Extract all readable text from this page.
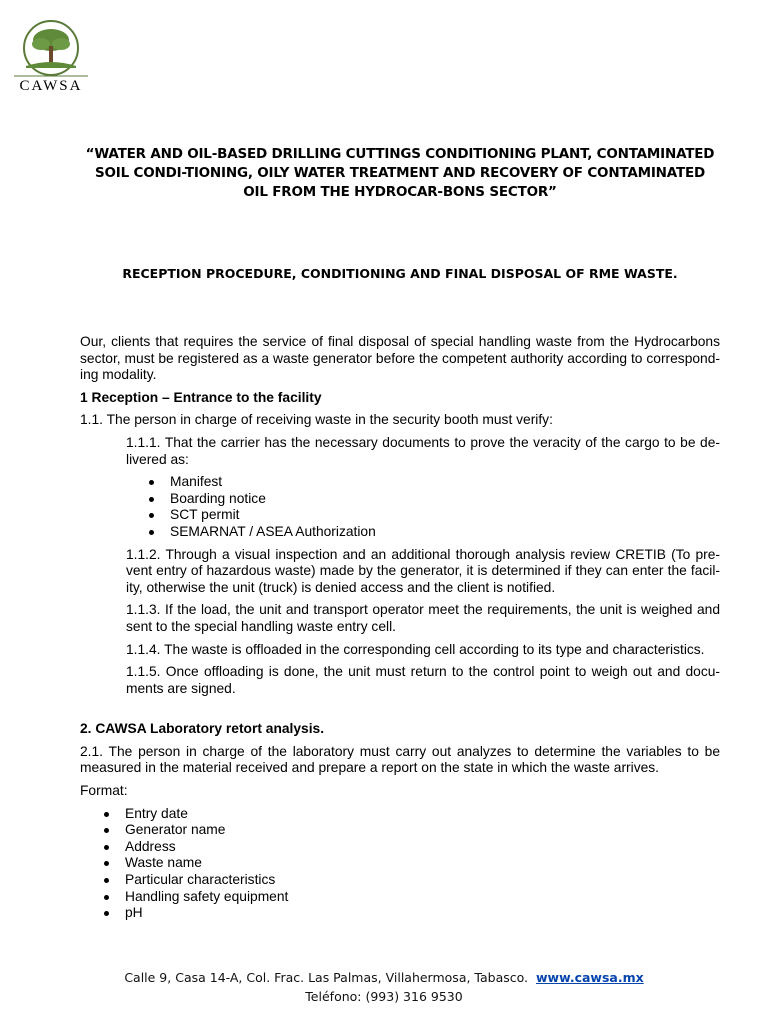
CAWSA
“WATER AND OIL-BASED DRILLING CUTTINGS CONDITIONING PLANT, CONTAMINATED SOIL CONDI-TIONING, OILY WATER TREATMENT AND RECOVERY OF CONTAMINATED OIL FROM THE HYDROCAR-BONS SECTOR”
RECEPTION PROCEDURE, CONDITIONING AND FINAL DISPOSAL OF RME WASTE.

Our, clients that requires the service of final disposal of special handling waste from the Hydrocarbons sector, must be registered as a waste generator before the competent authority according to correspond-ing modality.

1 Reception – Entrance to the facility

1.1. The person in charge of receiving waste in the security booth must verify:

1.1.1. That the carrier has the necessary documents to prove the veracity of the cargo to be de-livered as:

Manifest
Boarding notice
SCT permit
SEMARNAT / ASEA Authorization

1.1.2. Through a visual inspection and an additional thorough analysis review CRETIB (To pre-vent entry of hazardous waste) made by the generator, it is determined if they can enter the facil-ity, otherwise the unit (truck) is denied access and the client is notified.

1.1.3. If the load, the unit and transport operator meet the requirements, the unit is weighed and sent to the special handling waste entry cell.

1.1.4. The waste is offloaded in the corresponding cell according to its type and characteristics.

1.1.5. Once offloading is done, the unit must return to the control point to weigh out and docu-ments are signed.

2. CAWSA Laboratory retort analysis.

2.1. The person in charge of the laboratory must carry out analyzes to determine the variables to be measured in the material received and prepare a report on the state in which the waste arrives.

Format:

Entry date
Generator name
Address
Waste name
Particular characteristics
Handling safety equipment
pH
Calle 9, Casa 14-A, Col. Frac. Las Palmas, Villahermosa, Tabasco. www.cawsa.mx
Teléfono: (993) 316 9530
